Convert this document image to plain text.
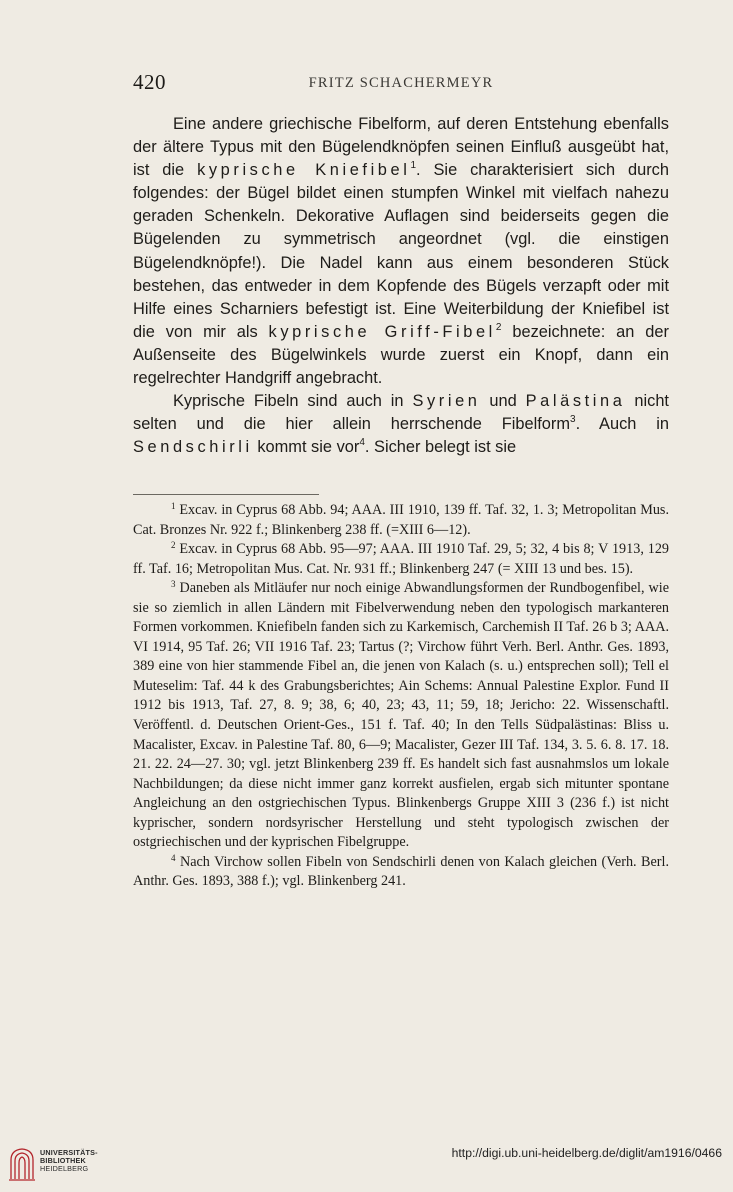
420	FRITZ SCHACHERMEYR

Eine andere griechische Fibelform, auf deren Entstehung ebenfalls der ältere Typus mit den Bügelendknöpfen seinen Einfluß ausgeübt hat, ist die kyprische Kniefibel$^1$. Sie charakterisiert sich durch folgendes: der Bügel bildet einen stumpfen Winkel mit vielfach nahezu geraden Schenkeln. Dekorative Auflagen sind beiderseits gegen die Bügelenden zu symmetrisch angeordnet (vgl. die einstigen Bügelendknöpfe!). Die Nadel kann aus einem besonderen Stück bestehen, das entweder in dem Kopfende des Bügels verzapft oder mit Hilfe eines Scharniers befestigt ist. Eine Weiterbildung der Kniefibel ist die von mir als kyprische Griff-Fibel$^2$ bezeichnete: an der Außenseite des Bügelwinkels wurde zuerst ein Knopf, dann ein regelrechter Handgriff angebracht.

Kyprische Fibeln sind auch in Syrien und Palästina nicht selten und die hier allein herrschende Fibelform$^3$. Auch in Sendschirli kommt sie vor$^4$. Sicher belegt ist sie

$^1$ Excav. in Cyprus 68 Abb. 94; AAA. III 1910, 139 ff. Taf. 32, 1. 3; Metropolitan Mus. Cat. Bronzes Nr. 922 f.; Blinkenberg 238 ff. (=XIII 6—12).

$^2$ Excav. in Cyprus 68 Abb. 95—97; AAA. III 1910 Taf. 29, 5; 32, 4 bis 8; V 1913, 129 ff. Taf. 16; Metropolitan Mus. Cat. Nr. 931 ff.; Blinkenberg 247 (= XIII 13 und bes. 15).

$^3$ Daneben als Mitläufer nur noch einige Abwandlungsformen der Rundbogenfibel, wie sie so ziemlich in allen Ländern mit Fibelverwendung neben den typologisch markanteren Formen vorkommen. Kniefibeln fanden sich zu Karkemisch, Carchemish II Taf. 26 b 3; AAA. VI 1914, 95 Taf. 26; VII 1916 Taf. 23; Tartus (?; Virchow führt Verh. Berl. Anthr. Ges. 1893, 389 eine von hier stammende Fibel an, die jenen von Kalach (s. u.) entsprechen soll); Tell el Muteselim: Taf. 44 k des Grabungsberichtes; Ain Schems: Annual Palestine Explor. Fund II 1912 bis 1913, Taf. 27, 8. 9; 38, 6; 40, 23; 43, 11; 59, 18; Jericho: 22. Wissenschaftl. Veröffentl. d. Deutschen Orient-Ges., 151 f. Taf. 40; In den Tells Südpalästinas: Bliss u. Macalister, Excav. in Palestine Taf. 80, 6—9; Macalister, Gezer III Taf. 134, 3. 5. 6. 8. 17. 18. 21. 22. 24—27. 30; vgl. jetzt Blinkenberg 239 ff. Es handelt sich fast ausnahmslos um lokale Nachbildungen; da diese nicht immer ganz korrekt ausfielen, ergab sich mitunter spontane Angleichung an den ostgriechischen Typus. Blinkenbergs Gruppe XIII 3 (236 f.) ist nicht kyprischer, sondern nordsyrischer Herstellung und steht typologisch zwischen der ostgriechischen und der kyprischen Fibelgruppe.

$^4$ Nach Virchow sollen Fibeln von Sendschirli denen von Kalach gleichen (Verh. Berl. Anthr. Ges. 1893, 388 f.); vgl. Blinkenberg 241.

UNIVERSITÄTS-
BIBLIOTHEK
HEIDELBERG
http://digi.ub.uni-heidelberg.de/diglit/am1916/0466
